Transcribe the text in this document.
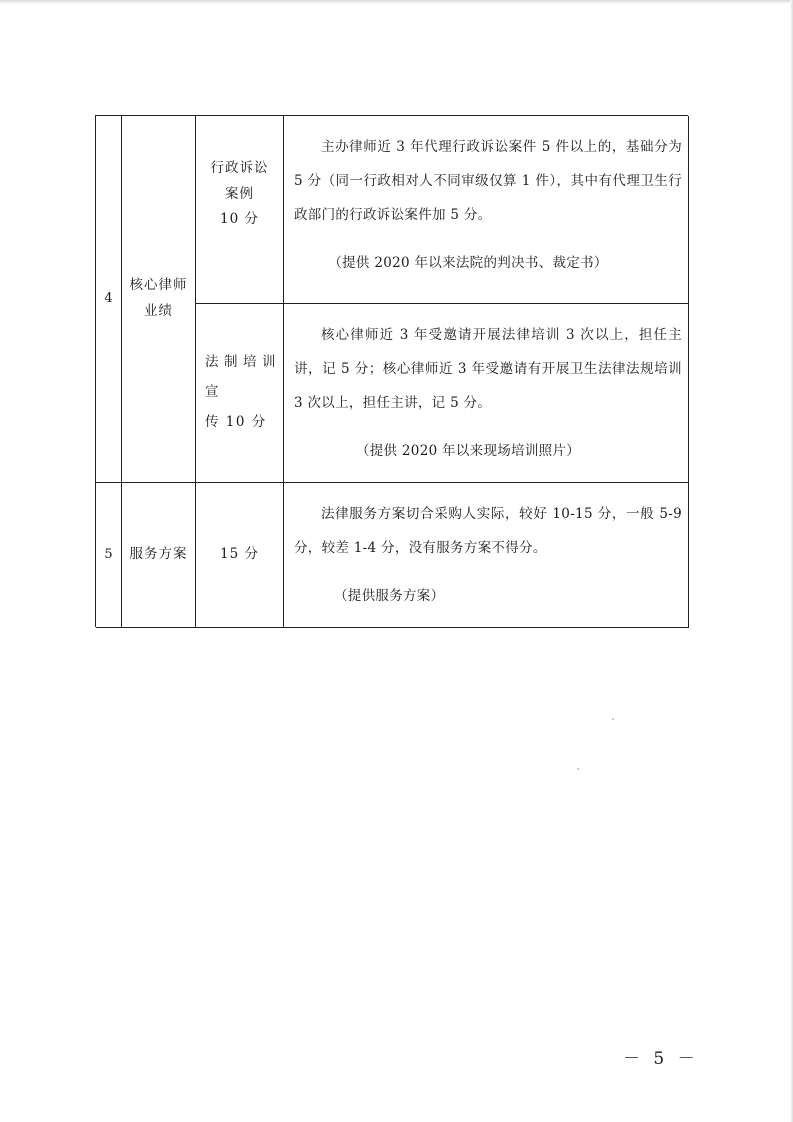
4
核心律师
业绩
行政诉讼
案例
10 分

主办律师近 3 年代理行政诉讼案件 5 件以上的，基础分为 5 分（同一行政相对人不同审级仅算 1 件），其中有代理卫生行政部门的行政诉讼案件加 5 分。

（提供 2020 年以来法院的判决书、裁定书）

法制培训宣
传 10 分

核心律师近 3 年受邀请开展法律培训 3 次以上，担任主讲，记 5 分；核心律师近 3 年受邀请有开展卫生法律法规培训 3 次以上，担任主讲，记 5 分。

（提供 2020 年以来现场培训照片）

5 服务方案 15 分

法律服务方案切合采购人实际，较好 10-15 分，一般 5-9 分，较差 1-4 分，没有服务方案不得分。

（提供服务方案）

－ 5 －
